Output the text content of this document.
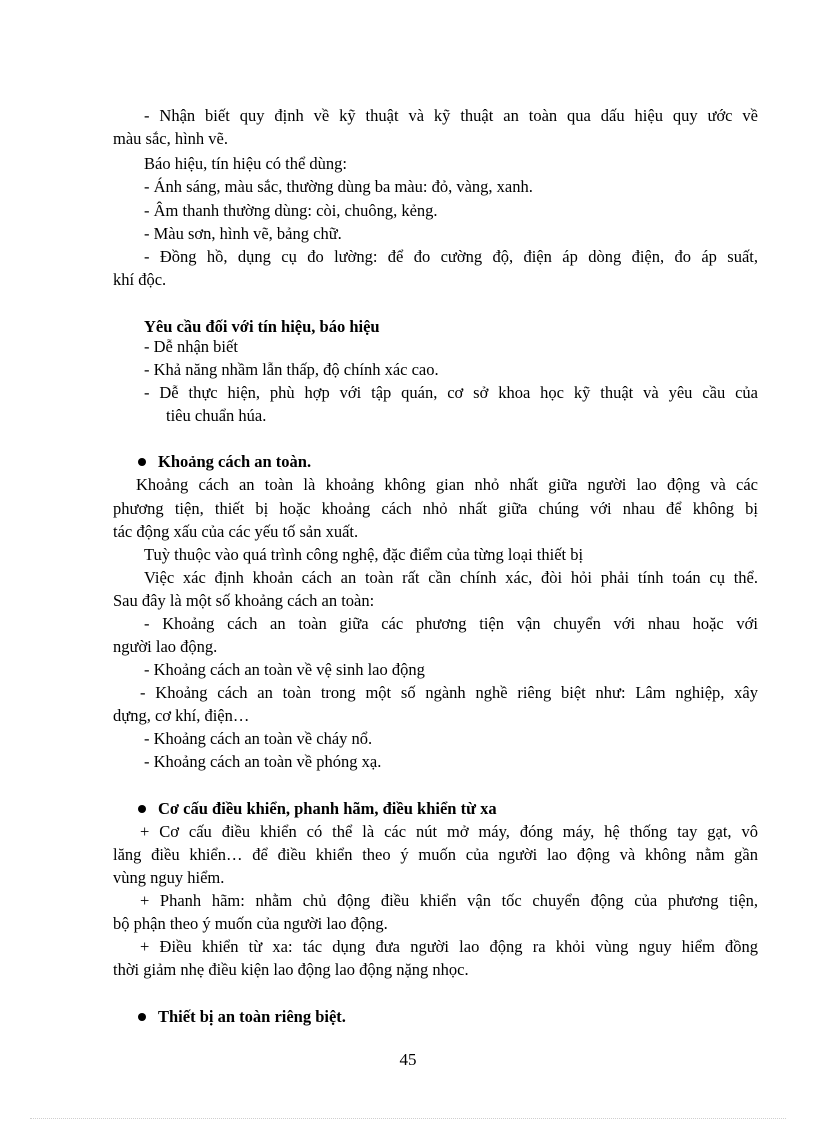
- Nhận biết quy định về kỹ thuật và kỹ thuật an toàn qua dấu hiệu quy ước về
màu sắc, hình vẽ.
Báo hiệu, tín hiệu có thể dùng:
- Ánh sáng, màu sắc, thường dùng ba màu: đỏ, vàng, xanh.
- Âm thanh thường dùng: còi, chuông, kẻng.
- Màu sơn, hình vẽ, bảng chữ.
- Đồng hồ, dụng cụ đo lường: để đo cường độ, điện áp dòng điện, đo áp suất,
khí độc.
Yêu cầu đối với tín hiệu, báo hiệu
- Dễ nhận biết
- Khả năng nhầm lẫn thấp, độ chính xác cao.
- Dễ thực hiện, phù hợp với tập quán, cơ sở khoa học kỹ thuật và yêu cầu của
tiêu chuẩn húa.
Khoảng cách an toàn.
Khoảng cách an toàn là khoảng không gian nhỏ nhất giữa người lao động và các
phương tiện, thiết bị hoặc khoảng cách nhỏ nhất giữa chúng với nhau để không bị
tác động xấu của các yếu tố sản xuất.
Tuỳ thuộc vào quá trình công nghệ, đặc điểm của từng loại thiết bị
Việc xác định khoản cách an toàn rất cần chính xác, đòi hỏi phải tính toán cụ thể.
Sau đây là một số khoảng cách an toàn:
- Khoảng cách an toàn giữa các phương tiện vận chuyển với nhau hoặc với
người lao động.
- Khoảng cách an toàn về vệ sinh lao động
- Khoảng cách an toàn trong một số ngành nghề riêng biệt như: Lâm nghiệp, xây
dựng, cơ khí, điện…
- Khoảng cách an toàn về cháy nổ.
- Khoảng cách an toàn về phóng xạ.
Cơ cấu điều khiển, phanh hãm, điều khiển từ xa
+ Cơ cấu điều khiển có thể là các nút mở máy, đóng máy, hệ thống tay gạt, vô
lăng điều khiển… để điều khiển theo ý muốn của người lao động và không nằm gần
vùng nguy hiểm.
+ Phanh hãm: nhằm chủ động điều khiển vận tốc chuyển động của phương tiện,
bộ phận theo ý muốn của người lao động.
+ Điều khiển từ xa: tác dụng đưa người lao động ra khỏi vùng nguy hiểm đồng
thời giảm nhẹ điều kiện lao động lao động nặng nhọc.
Thiết bị an toàn riêng biệt.
45
